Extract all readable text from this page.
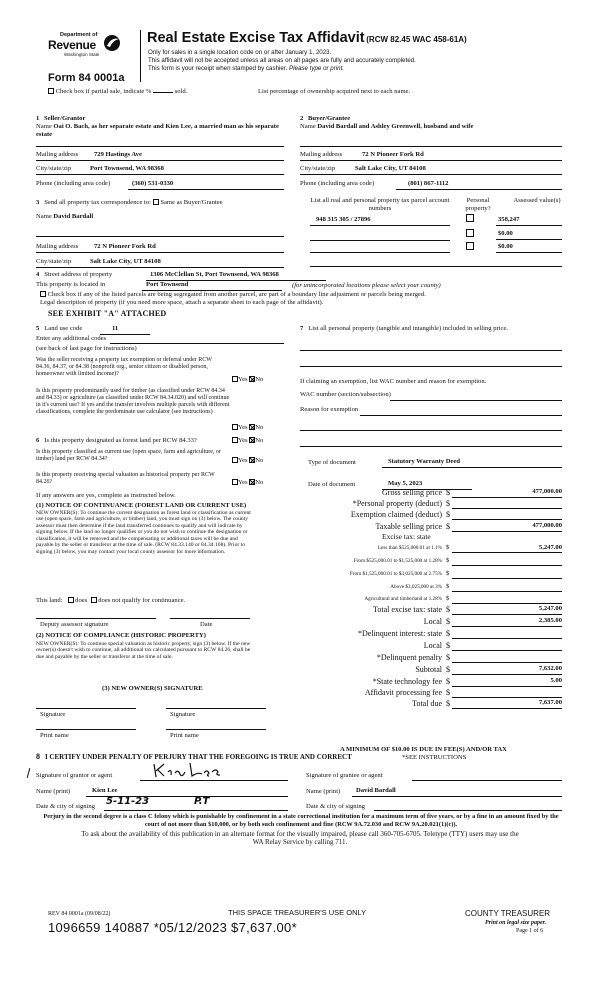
Department of
Revenue
Washington State
Real Estate Excise Tax Affidavit (RCW 82.45 WAC 458-61A)
Only for sales in a single location code on or after January 1, 2023.
This affidavit will not be accepted unless all areas on all pages are fully and accurately completed.
This form is your receipt when stamped by cashier. Please type or print.
Form 84 0001a
Check box if partial sale, indicate %	sold.	List percentage of ownership acquired next to each name.
1 Seller/Grantor
Name Oai O. Bach, as her separate estate and Kien Lee, a married man as his separate estate
Mailing address 729 Hastings Ave
City/state/zip	Port Townsend, WA 98368
Phone (including area code)	(360) 531-0330
2 Buyer/Grantee
Name David Bardall and Ashley Greenwell, husband and wife
Mailing address	72 N Pioneer Fork Rd
City/state/zip	Salt Lake City, UT 84108
Phone (including area code)	(801) 867-1112
3 Send all property tax correspondence to: Same as Buyer/Grantee
Name David Bardall
Mailing address 72 N Pioneer Fork Rd
City/state/zip	Salt Lake City, UT 84108
List all real and personal property tax parcel account numbers
Personal property?
Assessed value(s)
948 315 305 / 27896	358,247
$0.00
$0.00
4 Street address of property	1306 McClellan St, Port Townsend, WA 98368
This property is located in	Port Townsend	(for unincorporated locations please select your county)
Check box if any of the listed parcels are being segregated from another parcel, are part of a boundary line adjustment or parcels being merged.
Legal description of property (if you need more space, attach a separate sheet to each page of the affidavit).
SEE EXHIBIT "A" ATTACHED
5 Land use code	11
Enter any additional codes
(see back of last page for instructions)
Was the seller receiving a property tax exemption or deferral under RCW 84.36, 84.37, or 84.38 (nonprofit org., senior citizen or disabled person, homeowner with limited income)?
Yes No
Is this property predominantly used for timber (as classified under RCW 84.34 and 84.33) or agriculture (as classified under RCW 84.34.020) and will continue in it's current use? If yes and the transfer involves multiple parcels with different classifications, complete the predominate use calculator (see instructions)
Yes No
6 Is this property designated as forest land per RCW 84.33?	Yes No
Is this property classified as current use (open space, farm and agriculture, or timber) land per RCW 84.34?	Yes No
Is this property receiving special valuation as historical property per RCW 84.26?	Yes No
If any answers are yes, complete as instructed below.
(1) NOTICE OF CONTINUANCE (FOREST LAND OR CURRENT USE)
NEW OWNER(S): To continue the current designation as forest land or classification as current use (open space, farm and agriculture, or timber) land, you must sign on (3) below. The county assessor must then determine if the land transferred continues to qualify and will indicate by signing below. If the land no longer qualifies or you do not wish to continue the designation or classification, it will be removed and the compensating or additional taxes will be due and payable by the seller or transferor at the time of sale. (RCW 84.33.140 or 84.34.108). Prior to signing (3) below, you may contact your local county assessor for more information.
This land: does does not qualify for continuance.
Deputy assessor signature	Date
(2) NOTICE OF COMPLIANCE (HISTORIC PROPERTY)
NEW OWNER(S): To continue special valuation as historic property, sign (3) below. If the new owner(s) doesn't wish to continue, all additional tax calculated pursuant to RCW 84.26, shall be due and payable by the seller or transferor at the time of sale.
(3) NEW OWNER(S) SIGNATURE
Signature	Signature
Print name	Print name
7 List all personal property (tangible and intangible) included in selling price.
If claiming an exemption, list WAC number and reason for exemption.
WAC number (section/subsection)
Reason for exemption
Type of document	Statutory Warranty Deed
Date of document	May 5, 2023
Gross selling price $	477,000.00
*Personal property (deduct) $
Exemption claimed (deduct) $
Taxable selling price $	477,000.00
Excise tax: state
Less than $525,000.01 at 1.1% $	5,247.00
From $525,000.01 to $1,525,000 at 1.28% $
From $1,525,000.01 to $3,025,000 at 2.75% $
Above $3,025,000 at 3% $
Agricultural and timberland at 1.28% $
Total excise tax: state $	5,247.00
Local $	2,385.00
*Delinquent interest: state $
Local $
*Delinquent penalty $
Subtotal $	7,632.00
*State technology fee $	5.00
Affidavit processing fee $
Total due $	7,637.00
A MINIMUM OF $10.00 IS DUE IN FEE(S) AND/OR TAX
*SEE INSTRUCTIONS
8 I CERTIFY UNDER PENALTY OF PERJURY THAT THE FOREGOING IS TRUE AND CORRECT
Signature of grantor or agent
Name (print)	Kien Lee
Date & city of signing 5-11-23	P.T
Signature of grantee or agent
Name (print) David Bardall
Date & city of signing
Perjury in the second degree is a class C felony which is punishable by confinement in a state correctional institution for a maximum term of five years, or by a fine in an amount fixed by the court of not more than $10,000, or by both such confinement and fine (RCW 9A.72.030 and RCW 9A.20.021(1)(c)).
To ask about the availability of this publication in an alternate format for the visually impaired, please call 360-705-6705. Teletype (TTY) users may use the WA Relay Service by calling 711.
REV 84 0001a (09/08/22)	THIS SPACE TREASURER'S USE ONLY	COUNTY TREASURER
1096659 140887 *05/12/2023 $7,637.00*	Print on legal size paper.
Page 1 of 6
